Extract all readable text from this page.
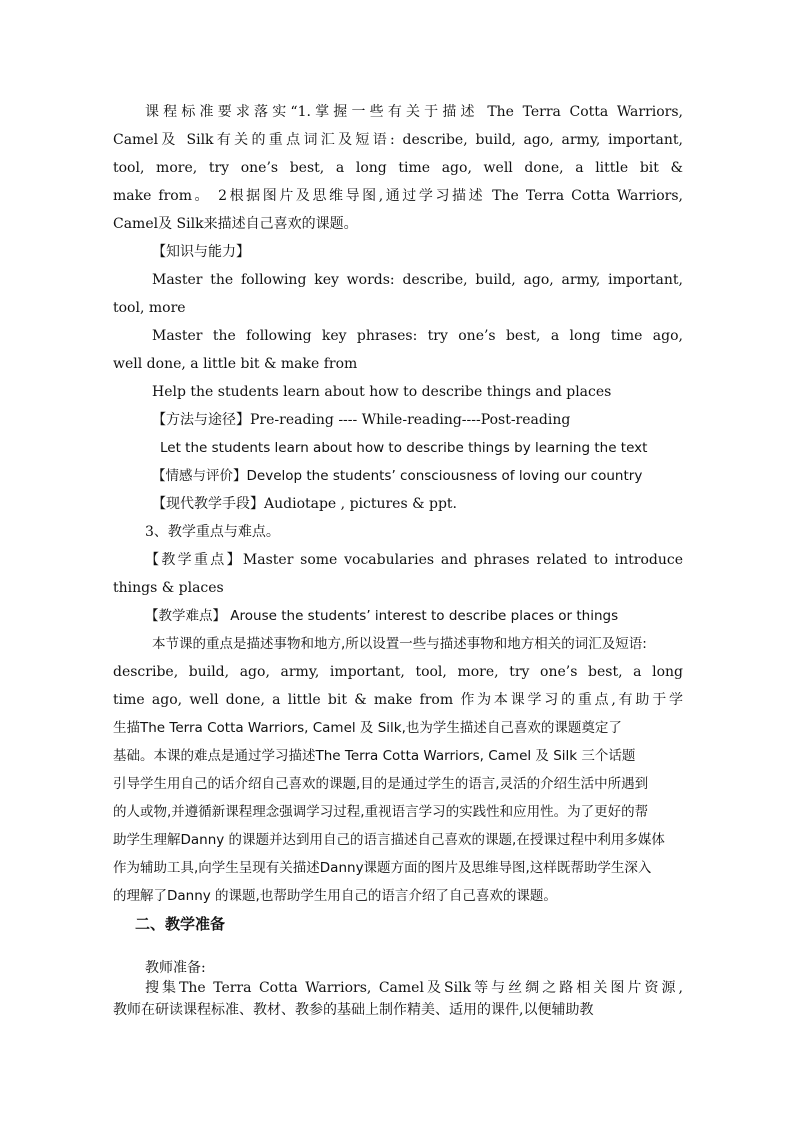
课程标准要求落实“1.掌握一些有关于描述 The Terra Cotta Warriors,
Camel及 Silk有关的重点词汇及短语: describe, build, ago, army, important,
tool, more, try one’s best, a long time ago, well done, a little bit &
make from。 2根据图片及思维导图,通过学习描述 The Terra Cotta Warriors,
Camel及 Silk来描述自己喜欢的课题。
【知识与能力】
Master the following key words: describe, build, ago, army, important,
tool, more
Master the following key phrases: try one’s best, a long time ago,
well done, a little bit & make from
Help the students learn about how to describe things and places
【方法与途径】Pre-reading ---- While-reading----Post-reading
Let the students learn about how to describe things by learning the text
【情感与评价】Develop the students’ consciousness of loving our country
【现代教学手段】Audiotape , pictures & ppt.
3、教学重点与难点。
【教学重点】Master some vocabularies and phrases related to introduce
things & places
【教学难点】 Arouse the students’ interest to describe places or things
本节课的重点是描述事物和地方,所以设置一些与描述事物和地方相关的词汇及短语:
describe, build, ago, army, important, tool, more, try one’s best, a long
time ago, well done, a little bit & make from 作为本课学习的重点,有助于学
生描The Terra Cotta Warriors, Camel 及 Silk,也为学生描述自己喜欢的课题奠定了
基础。本课的难点是通过学习描述The Terra Cotta Warriors, Camel 及 Silk 三个话题
引导学生用自己的话介绍自己喜欢的课题,目的是通过学生的语言,灵活的介绍生活中所遇到
的人或物,并遵循新课程理念强调学习过程,重视语言学习的实践性和应用性。为了更好的帮
助学生理解Danny 的课题并达到用自己的语言描述自己喜欢的课题,在授课过程中利用多媒体
作为辅助工具,向学生呈现有关描述Danny课题方面的图片及思维导图,这样既帮助学生深入
的理解了Danny 的课题,也帮助学生用自己的语言介绍了自己喜欢的课题。
二、教学准备
教师准备:
搜集The Terra Cotta Warriors, Camel及Silk等与丝绸之路相关图片资源,
教师在研读课程标准、教材、教参的基础上制作精美、适用的课件,以便辅助教
